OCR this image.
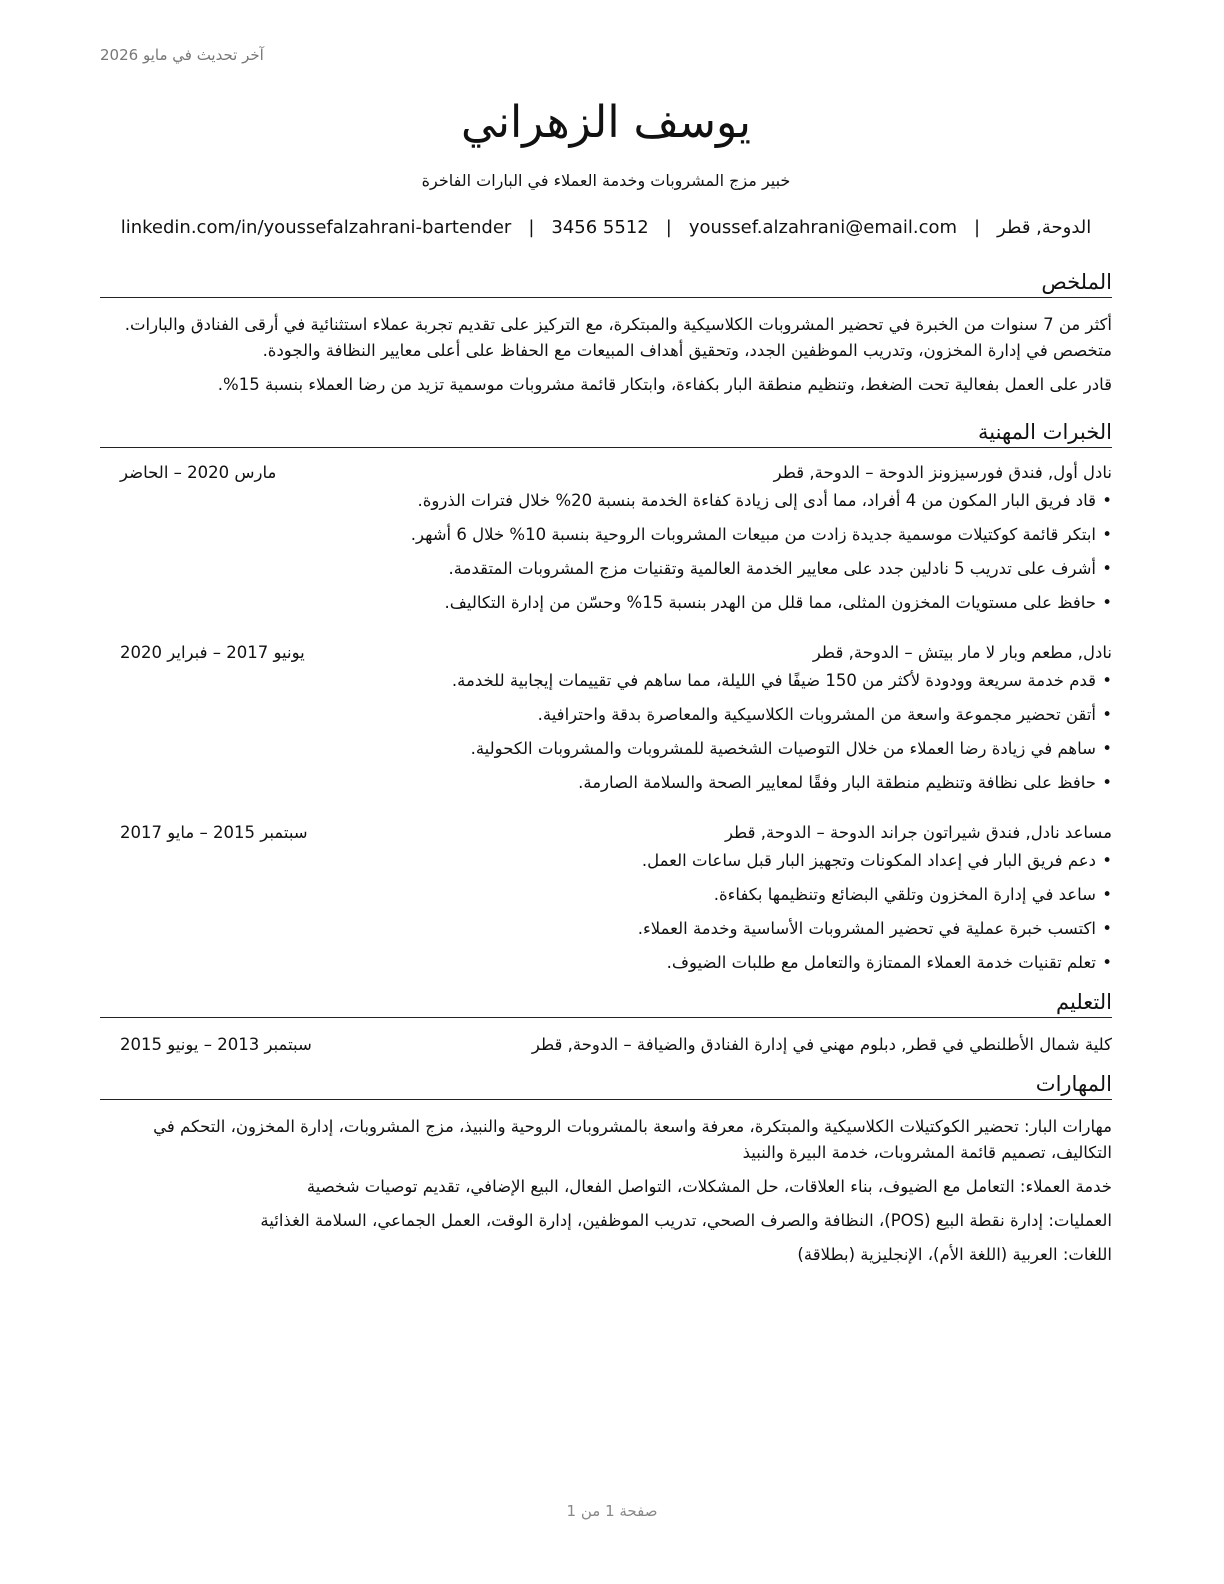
آخر تحديث في مايو 2026
يوسف الزهراني
خبير مزج المشروبات وخدمة العملاء في البارات الفاخرة
الدوحة, قطر
|
youssef.alzahrani@email.com
|
3456 5512
|
linkedin.com/in/youssefalzahrani-bartender
الملخص

أكثر من 7 سنوات من الخبرة في تحضير المشروبات الكلاسيكية والمبتكرة، مع التركيز على تقديم تجربة عملاء استثنائية في أرقى الفنادق والبارات. متخصص في إدارة المخزون، وتدريب الموظفين الجدد، وتحقيق أهداف المبيعات مع الحفاظ على أعلى معايير النظافة والجودة.

قادر على العمل بفعالية تحت الضغط، وتنظيم منطقة البار بكفاءة، وابتكار قائمة مشروبات موسمية تزيد من رضا العملاء بنسبة 15%.

الخبرات المهنية
نادل أول, فندق فورسيزونز الدوحة – الدوحة, قطر
مارس 2020 – الحاضر
•
قاد فريق البار المكون من 4 أفراد، مما أدى إلى زيادة كفاءة الخدمة بنسبة 20% خلال فترات الذروة.
•
ابتكر قائمة كوكتيلات موسمية جديدة زادت من مبيعات المشروبات الروحية بنسبة 10% خلال 6 أشهر.
•
أشرف على تدريب 5 نادلين جدد على معايير الخدمة العالمية وتقنيات مزج المشروبات المتقدمة.
•
حافظ على مستويات المخزون المثلى، مما قلل من الهدر بنسبة 15% وحسّن من إدارة التكاليف.
نادل, مطعم وبار لا مار بيتش – الدوحة, قطر
يونيو 2017 – فبراير 2020
•
قدم خدمة سريعة وودودة لأكثر من 150 ضيفًا في الليلة، مما ساهم في تقييمات إيجابية للخدمة.
•
أتقن تحضير مجموعة واسعة من المشروبات الكلاسيكية والمعاصرة بدقة واحترافية.
•
ساهم في زيادة رضا العملاء من خلال التوصيات الشخصية للمشروبات والمشروبات الكحولية.
•
حافظ على نظافة وتنظيم منطقة البار وفقًا لمعايير الصحة والسلامة الصارمة.
مساعد نادل, فندق شيراتون جراند الدوحة – الدوحة, قطر
سبتمبر 2015 – مايو 2017
•
دعم فريق البار في إعداد المكونات وتجهيز البار قبل ساعات العمل.
•
ساعد في إدارة المخزون وتلقي البضائع وتنظيمها بكفاءة.
•
اكتسب خبرة عملية في تحضير المشروبات الأساسية وخدمة العملاء.
•
تعلم تقنيات خدمة العملاء الممتازة والتعامل مع طلبات الضيوف.
التعليم
كلية شمال الأطلنطي في قطر, دبلوم مهني في إدارة الفنادق والضيافة – الدوحة, قطر
سبتمبر 2013 – يونيو 2015
المهارات

مهارات البار: تحضير الكوكتيلات الكلاسيكية والمبتكرة، معرفة واسعة بالمشروبات الروحية والنبيذ، مزج المشروبات، إدارة المخزون، التحكم في التكاليف، تصميم قائمة المشروبات، خدمة البيرة والنبيذ

خدمة العملاء: التعامل مع الضيوف، بناء العلاقات، حل المشكلات، التواصل الفعال، البيع الإضافي، تقديم توصيات شخصية

العمليات: إدارة نقطة البيع (POS)، النظافة والصرف الصحي، تدريب الموظفين، إدارة الوقت، العمل الجماعي، السلامة الغذائية

اللغات: العربية (اللغة الأم)، الإنجليزية (بطلاقة)

صفحة 1 من 1
